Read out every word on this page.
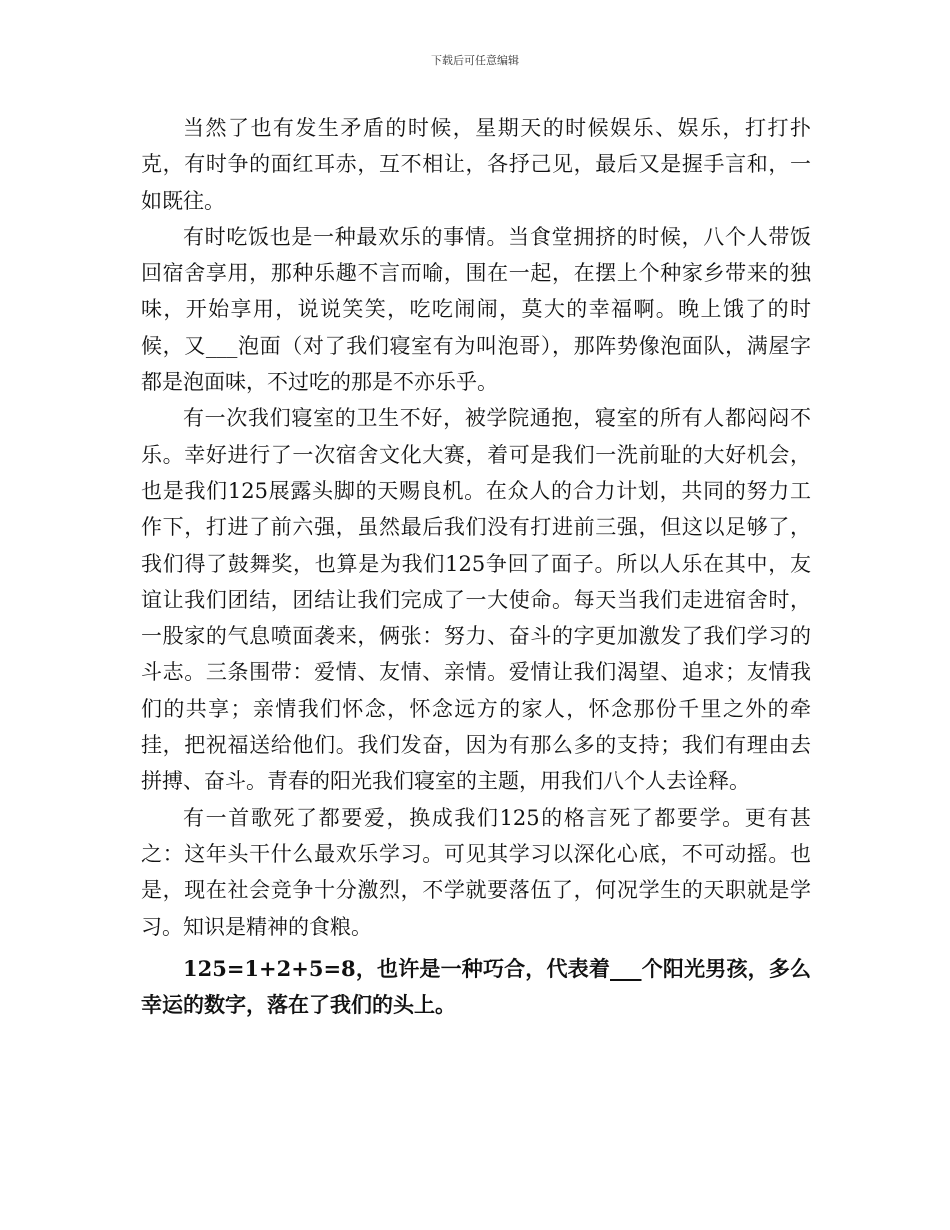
下载后可任意编辑

当然了也有发生矛盾的时候，星期天的时候娱乐、娱乐，打打扑克，有时争的面红耳赤，互不相让，各抒己见，最后又是握手言和，一如既往。

有时吃饭也是一种最欢乐的事情。当食堂拥挤的时候，八个人带饭回宿舍享用，那种乐趣不言而喻，围在一起，在摆上个种家乡带来的独味，开始享用，说说笑笑，吃吃闹闹，莫大的幸福啊。晚上饿了的时候，又___泡面（对了我们寝室有为叫泡哥），那阵势像泡面队，满屋字都是泡面味，不过吃的那是不亦乐乎。

有一次我们寝室的卫生不好，被学院通抱，寝室的所有人都闷闷不乐。幸好进行了一次宿舍文化大赛，着可是我们一洗前耻的大好机会，也是我们125展露头脚的天赐良机。在众人的合力计划，共同的努力工作下，打进了前六强，虽然最后我们没有打进前三强，但这以足够了，我们得了鼓舞奖，也算是为我们125争回了面子。所以人乐在其中，友谊让我们团结，团结让我们完成了一大使命。每天当我们走进宿舍时，一股家的气息喷面袭来，俩张：努力、奋斗的字更加激发了我们学习的斗志。三条围带：爱情、友情、亲情。爱情让我们渴望、追求；友情我们的共享；亲情我们怀念，怀念远方的家人，怀念那份千里之外的牵挂，把祝福送给他们。我们发奋，因为有那么多的支持；我们有理由去拼搏、奋斗。青春的阳光我们寝室的主题，用我们八个人去诠释。

有一首歌死了都要爱，换成我们125的格言死了都要学。更有甚之：这年头干什么最欢乐学习。可见其学习以深化心底，不可动摇。也是，现在社会竞争十分激烈，不学就要落伍了，何况学生的天职就是学习。知识是精神的食粮。

125=1+2+5=8，也许是一种巧合，代表着___个阳光男孩，多么幸运的数字，落在了我们的头上。
